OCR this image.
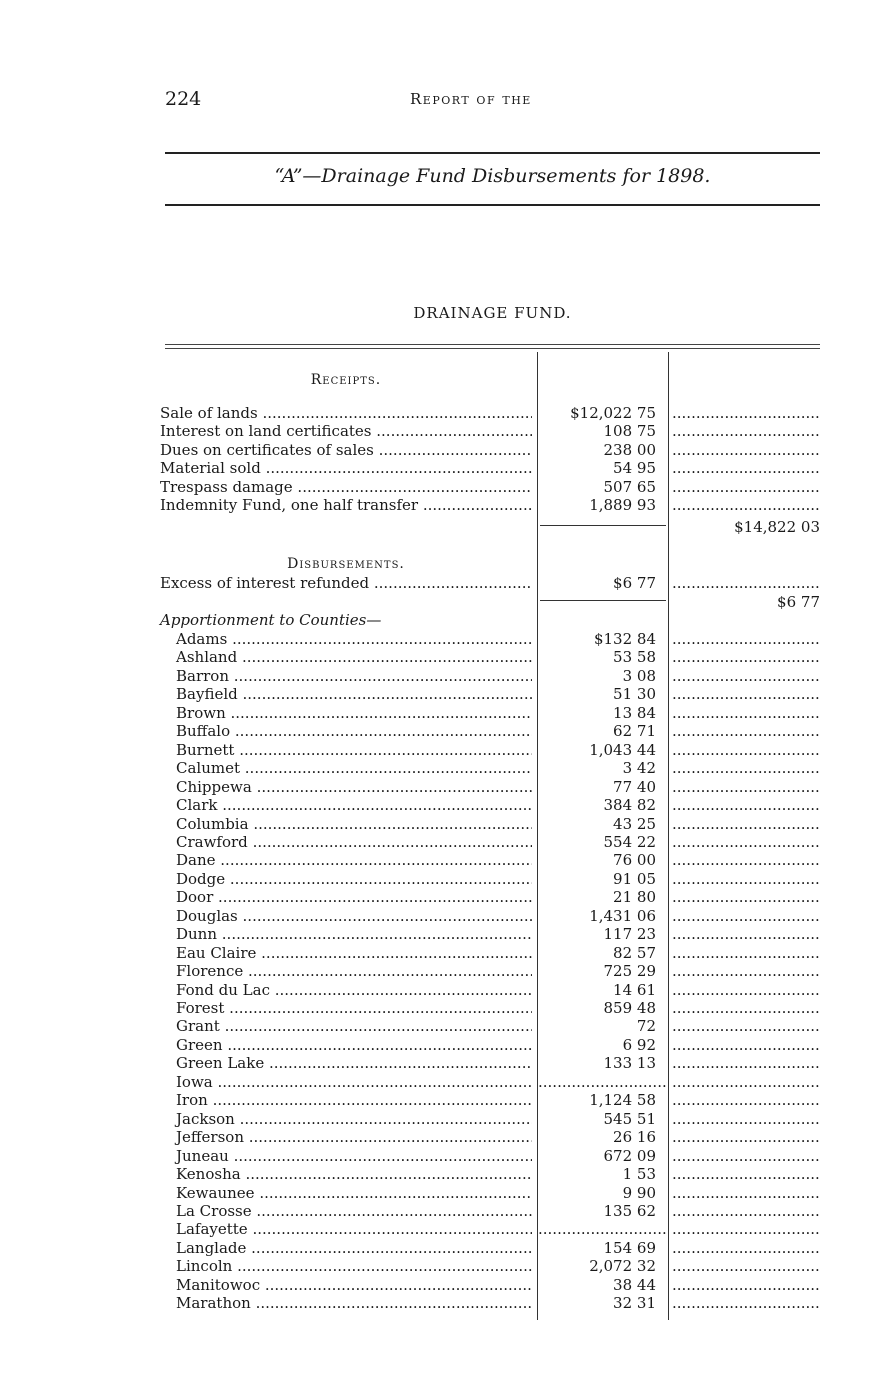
224	Report of the
“A”—Drainage Fund Disbursements for 1898.
DRAINAGE FUND.
Receipts.
Sale of lands .....	$12,022 75
.....
Interest on land certificates .....	108 75
.....
Dues on certificates of sales .....	238 00
.....
Material sold .....	54 95
.....
Trespass damage .....	507 65
.....
Indemnity Fund, one half transfer .....	1,889 93
.....
$14,822 03
Disbursements.
Excess of interest refunded .....	$6 77
.....
$6 77
Apportionment to Counties—
Adams .....	$132 84
.....
Ashland .....	53 58
.....
Barron .....	3 08
.....
Bayfield .....	51 30
.....
Brown .....	13 84
.....
Buffalo .....	62 71
.....
Burnett .....	1,043 44
.....
Calumet .....	3 42
.....
Chippewa .....	77 40
.....
Clark .....	384 82
.....
Columbia .....	43 25
.....
Crawford .....	554 22
.....
Dane .....	76 00
.....
Dodge .....	91 05
.....
Door .....	21 80
.....
Douglas .....	1,431 06
.....
Dunn .....	117 23
.....
Eau Claire .....	82 57
.....
Florence .....	725 29
.....
Fond du Lac .....	14 61
.....
Forest .....	859 48
.....
Grant .....	72
.....
Green .....	6 92
.....
Green Lake .....	133 13
.....
Iowa .....
.....
.....
Iron .....	1,124 58
.....
Jackson .....	545 51
.....
Jefferson .....	26 16
.....
Juneau .....	672 09
.....
Kenosha .....	1 53
.....
Kewaunee .....	9 90
.....
La Crosse .....	135 62
.....
Lafayette .....
.....
.....
Langlade .....	154 69
.....
Lincoln .....	2,072 32
.....
Manitowoc .....	38 44
.....
Marathon .....	32 31
.....
